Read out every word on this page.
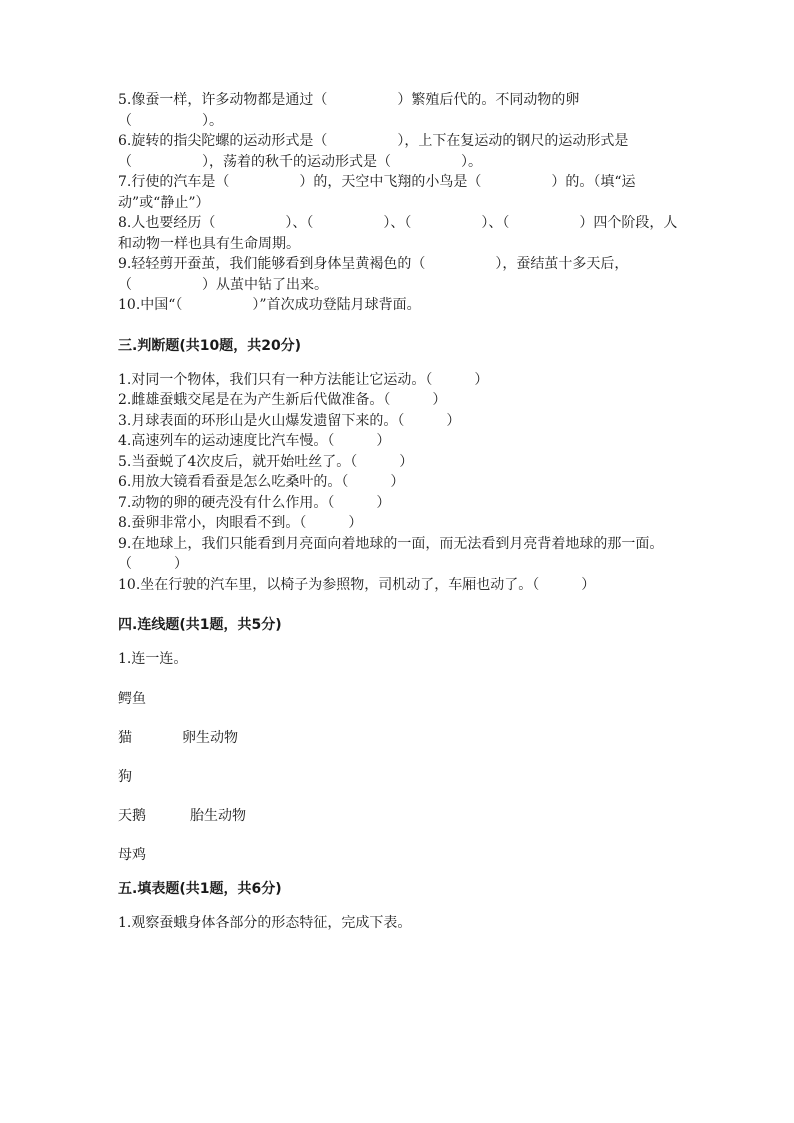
5.像蚕一样，许多动物都是通过（　　　　　）繁殖后代的。不同动物的卵（　　　　　）。

6.旋转的指尖陀螺的运动形式是（　　　　　），上下在复运动的钢尺的运动形式是（　　　　　），荡着的秋千的运动形式是（　　　　　）。

7.行使的汽车是（　　　　　）的，天空中飞翔的小鸟是（　　　　　）的。（填“运动”或“静止”）

8.人也要经历（　　　　　）、（　　　　　）、（　　　　　）、（　　　　　）四个阶段，人和动物一样也具有生命周期。

9.轻轻剪开蚕茧，我们能够看到身体呈黄褐色的（　　　　　），蚕结茧十多天后，（　　　　　）从茧中钻了出来。

10.中国“（　　　　　）”首次成功登陆月球背面。

三.判断题(共10题，共20分)

1.对同一个物体，我们只有一种方法能让它运动。（　　　）

2.雌雄蚕蛾交尾是在为产生新后代做准备。（　　　）

3.月球表面的环形山是火山爆发遗留下来的。（　　　）

4.高速列车的运动速度比汽车慢。（　　　）

5.当蚕蜕了4次皮后，就开始吐丝了。（　　　）

6.用放大镜看看蚕是怎么吃桑叶的。（　　　）

7.动物的卵的硬壳没有什么作用。（　　　）

8.蚕卵非常小，肉眼看不到。（　　　）

9.在地球上，我们只能看到月亮面向着地球的一面，而无法看到月亮背着地球的那一面。（　　　）

10.坐在行驶的汽车里，以椅子为参照物，司机动了，车厢也动了。（　　　）

四.连线题(共1题，共5分)

1.连一连。

鳄鱼
猫	卵生动物
狗
天鹅	胎生动物
母鸡

五.填表题(共1题，共6分)

1.观察蚕蛾身体各部分的形态特征，完成下表。
